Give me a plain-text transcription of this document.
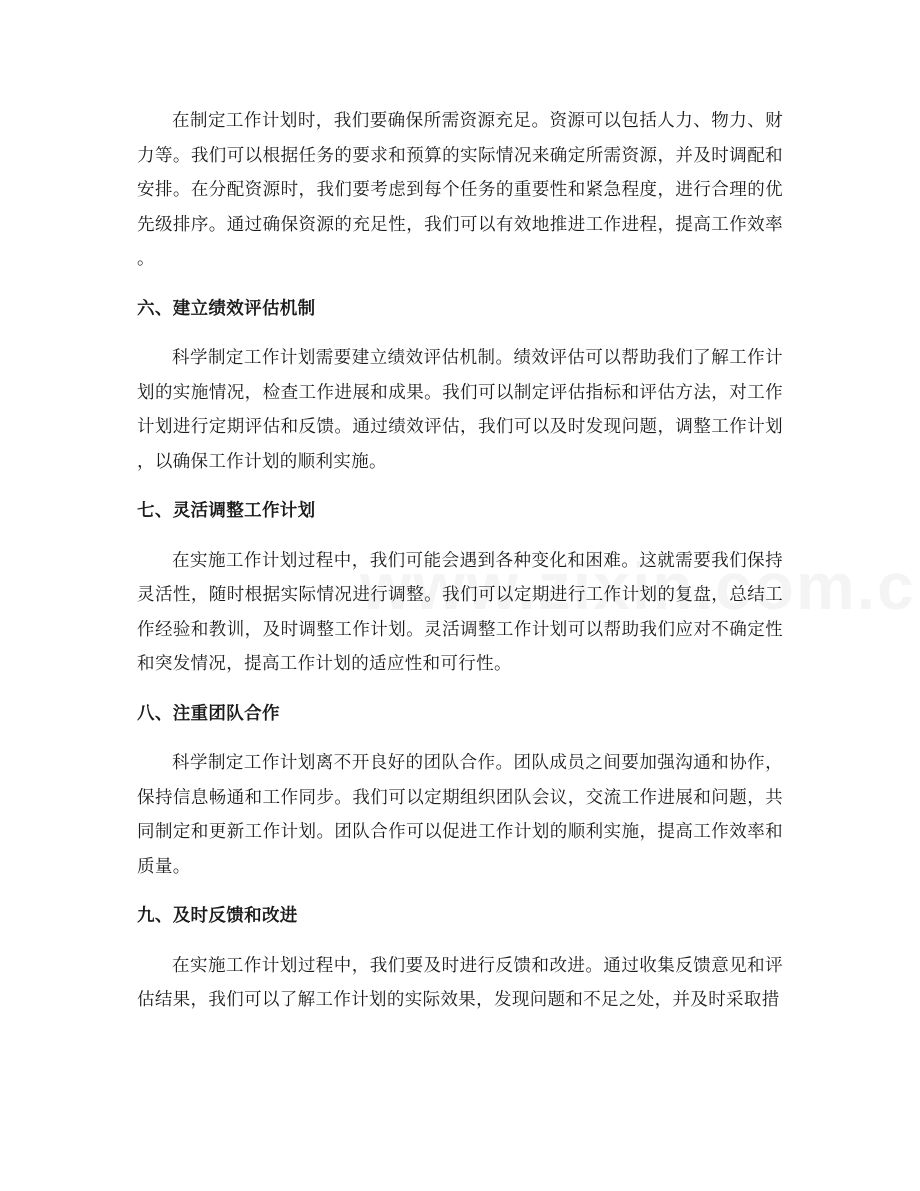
在制定工作计划时，我们要确保所需资源充足。资源可以包括人力、物力、财力等。我们可以根据任务的要求和预算的实际情况来确定所需资源，并及时调配和安排。在分配资源时，我们要考虑到每个任务的重要性和紧急程度，进行合理的优先级排序。通过确保资源的充足性，我们可以有效地推进工作进程，提高工作效率。

六、建立绩效评估机制

科学制定工作计划需要建立绩效评估机制。绩效评估可以帮助我们了解工作计划的实施情况，检查工作进展和成果。我们可以制定评估指标和评估方法，对工作计划进行定期评估和反馈。通过绩效评估，我们可以及时发现问题，调整工作计划，以确保工作计划的顺利实施。

七、灵活调整工作计划

在实施工作计划过程中，我们可能会遇到各种变化和困难。这就需要我们保持灵活性，随时根据实际情况进行调整。我们可以定期进行工作计划的复盘，总结工作经验和教训，及时调整工作计划。灵活调整工作计划可以帮助我们应对不确定性和突发情况，提高工作计划的适应性和可行性。

八、注重团队合作

科学制定工作计划离不开良好的团队合作。团队成员之间要加强沟通和协作，保持信息畅通和工作同步。我们可以定期组织团队会议，交流工作进展和问题，共同制定和更新工作计划。团队合作可以促进工作计划的顺利实施，提高工作效率和质量。

九、及时反馈和改进

在实施工作计划过程中，我们要及时进行反馈和改进。通过收集反馈意见和评估结果，我们可以了解工作计划的实际效果，发现问题和不足之处，并及时采取措
